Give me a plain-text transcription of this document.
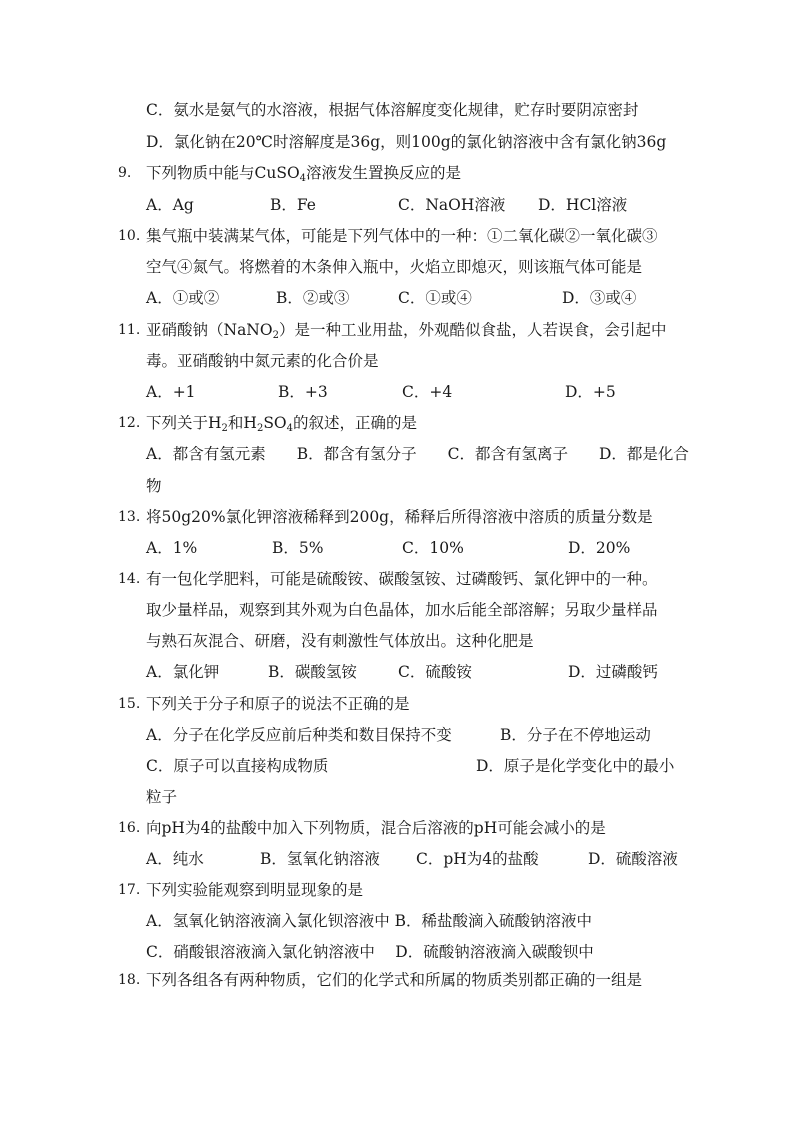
C．氨水是氨气的水溶液，根据气体溶解度变化规律，贮存时要阴凉密封
D．氯化钠在20℃时溶解度是36g，则100g的氯化钠溶液中含有氯化钠36g
9. 下列物质中能与CuSO$_4$溶液发生置换反应的是
A．Ag	B．Fe	C．NaOH溶液 D．HCl溶液
10. 集气瓶中装满某气体，可能是下列气体中的一种：①二氧化碳②一氧化碳③
空气④氮气。将燃着的木条伸入瓶中，火焰立即熄灭，则该瓶气体可能是
A．①或②	B．②或③	C．①或④	D．③或④
11. 亚硝酸钠（NaNO$_2$）是一种工业用盐，外观酷似食盐，人若误食，会引起中
毒。亚硝酸钠中氮元素的化合价是
A．+1	B．+3	C．+4	D．+5
12. 下列关于$H_2$和$H_2SO_4$的叙述，正确的是
A．都含有氢元素　　B．都含有氢分子　　C．都含有氢离子　　D．都是化合
物
13. 将50g20%氯化钾溶液稀释到200g，稀释后所得溶液中溶质的质量分数是
A．1%	B．5%	C．10%	D．20%
14. 有一包化学肥料，可能是硫酸铵、碳酸氢铵、过磷酸钙、氯化钾中的一种。
取少量样品，观察到其外观为白色晶体，加水后能全部溶解；另取少量样品
与熟石灰混合、研磨，没有刺激性气体放出。这种化肥是
A．氯化钾	B．碳酸氢铵	C．硫酸铵	D．过磷酸钙
15. 下列关于分子和原子的说法不正确的是
A．分子在化学反应前后种类和数目保持不变	B．分子在不停地运动
C．原子可以直接构成物质	D．原子是化学变化中的最小
粒子
16. 向pH为4的盐酸中加入下列物质，混合后溶液的pH可能会减小的是
A．纯水	B．氢氧化钠溶液 C．pH为4的盐酸	D．硫酸溶液
17. 下列实验能观察到明显现象的是
A．氢氧化钠溶液滴入氯化钡溶液中 B．稀盐酸滴入硫酸钠溶液中
C．硝酸银溶液滴入氯化钠溶液中　 D．硫酸钠溶液滴入碳酸钡中
18. 下列各组各有两种物质，它们的化学式和所属的物质类别都正确的一组是
